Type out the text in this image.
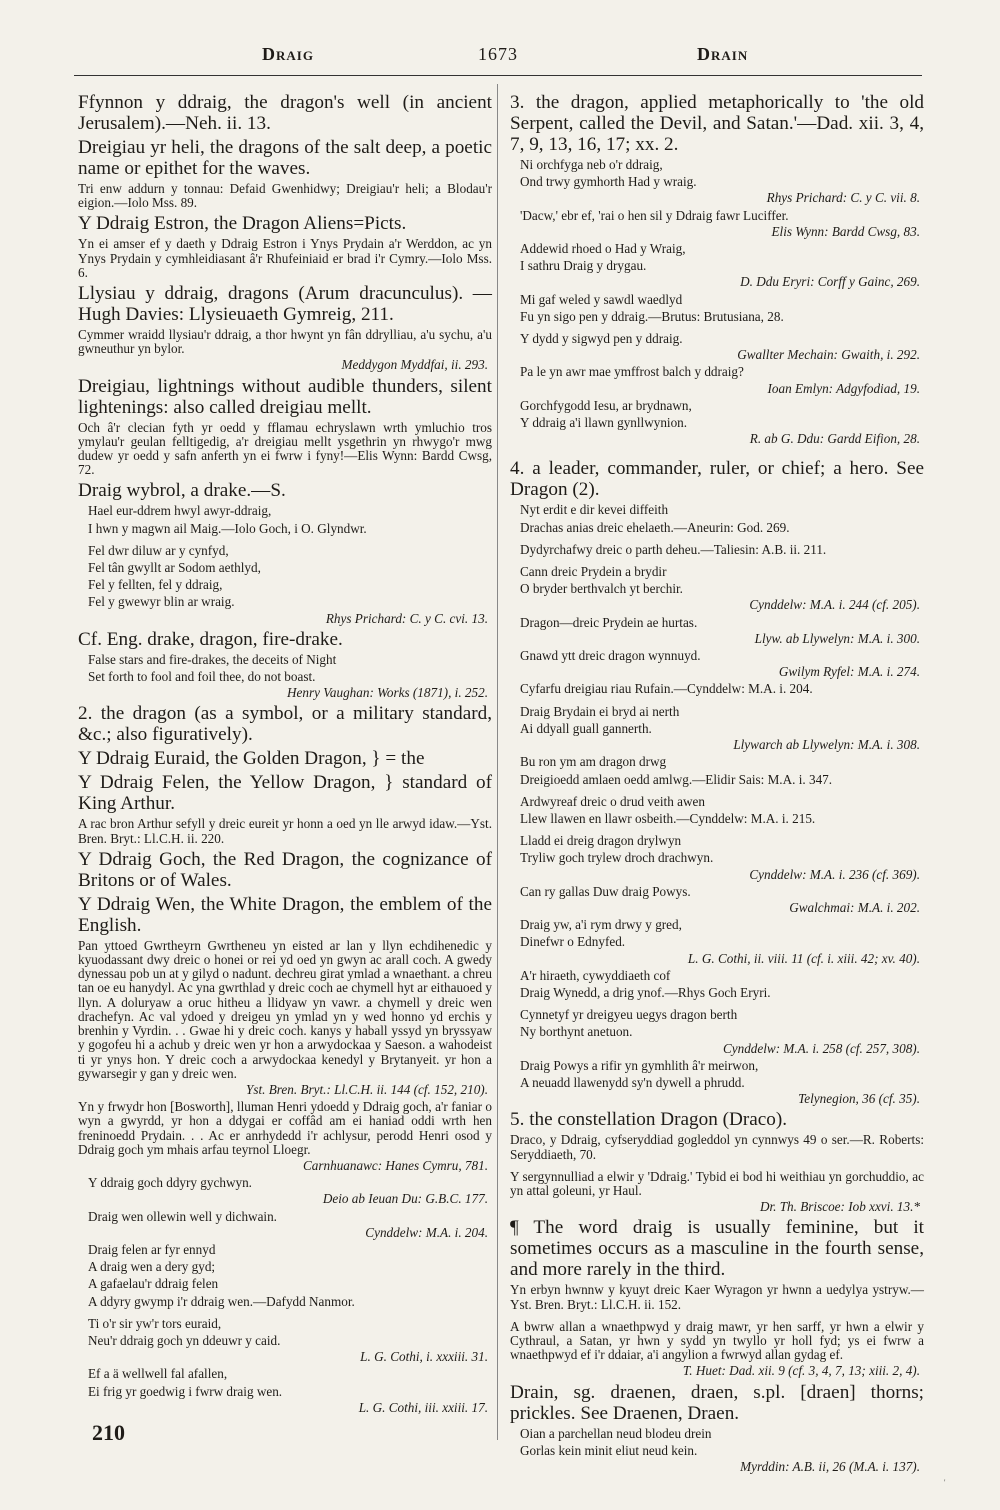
Draig	1673	Drain
Ffynnon y ddraig, the dragon's well (in ancient Jerusalem).—Neh. ii. 13.
Dreigiau yr heli, the dragons of the salt deep, a poetic name or epithet for the waves.
Tri enw addurn y tonnau: Defaid Gwenhidwy; Dreigiau'r heli; a Blodau'r eigion.—Iolo Mss. 89.
Y Ddraig Estron, the Dragon Aliens=Picts.
Yn ei amser ef y daeth y Ddraig Estron i Ynys Prydain a'r Werddon, ac yn Ynys Prydain y cymhleidiasant â'r Rhufeiniaid er brad i'r Cymry.—Iolo Mss. 6.
Llysiau y ddraig, dragons (Arum dracunculus). —Hugh Davies: Llysieuaeth Gymreig, 211.
Cymmer wraidd llysiau'r ddraig, a thor hwynt yn fân ddrylliau, a'u sychu, a'u gwneuthur yn bylor.
Meddygon Myddfai, ii. 293.
Dreigiau, lightnings without audible thunders, silent lightenings: also called dreigiau mellt.
Och â'r clecian fyth yr oedd y fflamau echryslawn wrth ymluchio tros ymylau'r geulan felltigedig, a'r dreigiau mellt ysgethrin yn rhwygo'r mwg dudew yr oedd y safn anferth yn ei fwrw i fyny!—Elis Wynn: Bardd Cwsg, 72.
Draig wybrol, a drake.—S.
Hael eur-ddrem hwyl awyr-ddraig,
I hwn y magwn ail Maig.—Iolo Goch, i O. Glyndwr.
Fel dwr diluw ar y cynfyd,
Fel tân gwyllt ar Sodom aethlyd,
Fel y fellten, fel y ddraig,
Fel y gwewyr blin ar wraig.
Rhys Prichard: C. y C. cvi. 13.
Cf. Eng. drake, dragon, fire-drake.
False stars and fire-drakes, the deceits of Night
Set forth to fool and foil thee, do not boast.
Henry Vaughan: Works (1871), i. 252.
2. the dragon (as a symbol, or a military standard, &c.; also figuratively).
Y Ddraig Euraid, the Golden Dragon, } = the
Y Ddraig Felen, the Yellow Dragon, } standard of King Arthur.
A rac bron Arthur sefyll y dreic eureit yr honn a oed yn lle arwyd idaw.—Yst. Bren. Bryt.: Ll.C.H. ii. 220.
Y Ddraig Goch, the Red Dragon, the cognizance of Britons or of Wales.
Y Ddraig Wen, the White Dragon, the emblem of the English.
Pan yttoed Gwrtheyrn Gwrtheneu yn eisted ar lan y llyn echdihenedic y kyuodassant dwy dreic o honei or rei yd oed yn gwyn ac arall coch. A gwedy dynessau pob un at y gilyd o nadunt. dechreu girat ymlad a wnaethant. a chreu tan oe eu hanydyl. Ac yna gwrthlad y dreic coch ae chymell hyt ar eithauoed y llyn. A doluryaw a oruc hitheu a llidyaw yn vawr. a chymell y dreic wen drachefyn. Ac val ydoed y dreigeu yn ymlad yn y wed honno yd erchis y brenhin y Vyrdin. . . Gwae hi y dreic coch. kanys y haball yssyd yn bryssyaw y gogofeu hi a achub y dreic wen yr hon a arwydockaa y Saeson. a wahodeist ti yr ynys hon. Y dreic coch a arwydockaa kenedyl y Brytanyeit. yr hon a gywarsegir y gan y dreic wen.
Yst. Bren. Bryt.: Ll.C.H. ii. 144 (cf. 152, 210).
Yn y frwydr hon [Bosworth], lluman Henri ydoedd y Ddraig goch, a'r faniar o wyn a gwyrdd, yr hon a ddygai er coffâd am ei haniad oddi wrth hen freninoedd Prydain. . . Ac er anrhydedd i'r achlysur, perodd Henri osod y Ddraig goch ym mhais arfau teyrnol Lloegr.
Carnhuanawc: Hanes Cymru, 781.
Y ddraig goch ddyry gychwyn.
Deio ab Ieuan Du: G.B.C. 177.
Draig wen ollewin well y dichwain.
Cynddelw: M.A. i. 204.
Draig felen ar fyr ennyd
A draig wen a dery gyd;
A gafaelau'r ddraig felen
A ddyry gwymp i'r ddraig wen.—Dafydd Nanmor.
Ti o'r sir yw'r tors euraid,
Neu'r ddraig goch yn ddeuwr y caid.
L. G. Cothi, i. xxxiii. 31.
Ef a ä wellwell fal afallen,
Ei frig yr goedwig i fwrw draig wen.
L. G. Cothi, iii. xxiii. 17.
3. the dragon, applied metaphorically to 'the old Serpent, called the Devil, and Satan.'—Dad. xii. 3, 4, 7, 9, 13, 16, 17; xx. 2.
Ni orchfyga neb o'r ddraig,
Ond trwy gymhorth Had y wraig.
Rhys Prichard: C. y C. vii. 8.
'Dacw,' ebr ef, 'rai o hen sil y Ddraig fawr Luciffer.
Elis Wynn: Bardd Cwsg, 83.
Addewid rhoed o Had y Wraig,
I sathru Draig y drygau.
D. Ddu Eryri: Corff y Gainc, 269.
Mi gaf weled y sawdl waedlyd
Fu yn sigo pen y ddraig.—Brutus: Brutusiana, 28.
Y dydd y sigwyd pen y ddraig.
Gwallter Mechain: Gwaith, i. 292.
Pa le yn awr mae ymffrost balch y ddraig?
Ioan Emlyn: Adgyfodiad, 19.
Gorchfygodd Iesu, ar brydnawn,
Y ddraig a'i llawn gynllwynion.
R. ab G. Ddu: Gardd Eifion, 28.
4. a leader, commander, ruler, or chief; a hero. See Dragon (2).
Nyt erdit e dir kevei diffeith
Drachas anias dreic ehelaeth.—Aneurin: God. 269.
Dydyrchafwy dreic o parth deheu.—Taliesin: A.B. ii. 211.
Cann dreic Prydein a brydir
O bryder berthvalch yt berchir.
Cynddelw: M.A. i. 244 (cf. 205).
Dragon—dreic Prydein ae hurtas.
Llyw. ab Llywelyn: M.A. i. 300.
Gnawd ytt dreic dragon wynnuyd.
Gwilym Ryfel: M.A. i. 274.
Cyfarfu dreigiau riau Rufain.—Cynddelw: M.A. i. 204.
Draig Brydain ei bryd ai nerth
Ai ddyall guall gannerth.
Llywarch ab Llywelyn: M.A. i. 308.
Bu ron ym am dragon drwg
Dreigioedd amlaen oedd amlwg.—Elidir Sais: M.A. i. 347.
Ardwyreaf dreic o drud veith awen
Llew llawen en llawr osbeith.—Cynddelw: M.A. i. 215.
Lladd ei dreig dragon drylwyn
Tryliw goch trylew droch drachwyn.
Cynddelw: M.A. i. 236 (cf. 369).
Can ry gallas Duw draig Powys.
Gwalchmai: M.A. i. 202.
Draig yw, a'i rym drwy y gred,
Dinefwr o Ednyfed.
L. G. Cothi, ii. viii. 11 (cf. i. xiii. 42; xv. 40).
A'r hiraeth, cywyddiaeth cof
Draig Wynedd, a drig ynof.—Rhys Goch Eryri.
Cynnetyf yr dreigyeu uegys dragon berth
Ny borthynt anetuon.
Cynddelw: M.A. i. 258 (cf. 257, 308).
Draig Powys a rifir yn gymhlith â'r meirwon,
A neuadd llawenydd sy'n dywell a phrudd.
Telynegion, 36 (cf. 35).
5. the constellation Dragon (Draco).
Draco, y Ddraig, cyfseryddiad gogleddol yn cynnwys 49 o ser.—R. Roberts: Seryddiaeth, 70.
Y sergynnulliad a elwir y 'Ddraig.' Tybid ei bod hi weithiau yn gorchuddio, ac yn attal goleuni, yr Haul.
Dr. Th. Briscoe: Iob xxvi. 13.*
¶ The word draig is usually feminine, but it sometimes occurs as a masculine in the fourth sense, and more rarely in the third.
Yn erbyn hwnnw y kyuyt dreic Kaer Wyragon yr hwnn a uedylya ystryw.—Yst. Bren. Bryt.: Ll.C.H. ii. 152.
A bwrw allan a wnaethpwyd y draig mawr, yr hen sarff, yr hwn a elwir y Cythraul, a Satan, yr hwn y sydd yn twyllo yr holl fyd; ys ei fwrw a wnaethpwyd ef i'r ddaiar, a'i angylion a fwrwyd allan gydag ef.
T. Huet: Dad. xii. 9 (cf. 3, 4, 7, 13; xiii. 2, 4).
Drain, sg. draenen, draen, s.pl. [draen] thorns; prickles. See Draenen, Draen.
Oian a parchellan neud blodeu drein
Gorlas kein minit eliut neud kein.
Myrddin: A.B. ii, 26 (M.A. i. 137).
210
'
